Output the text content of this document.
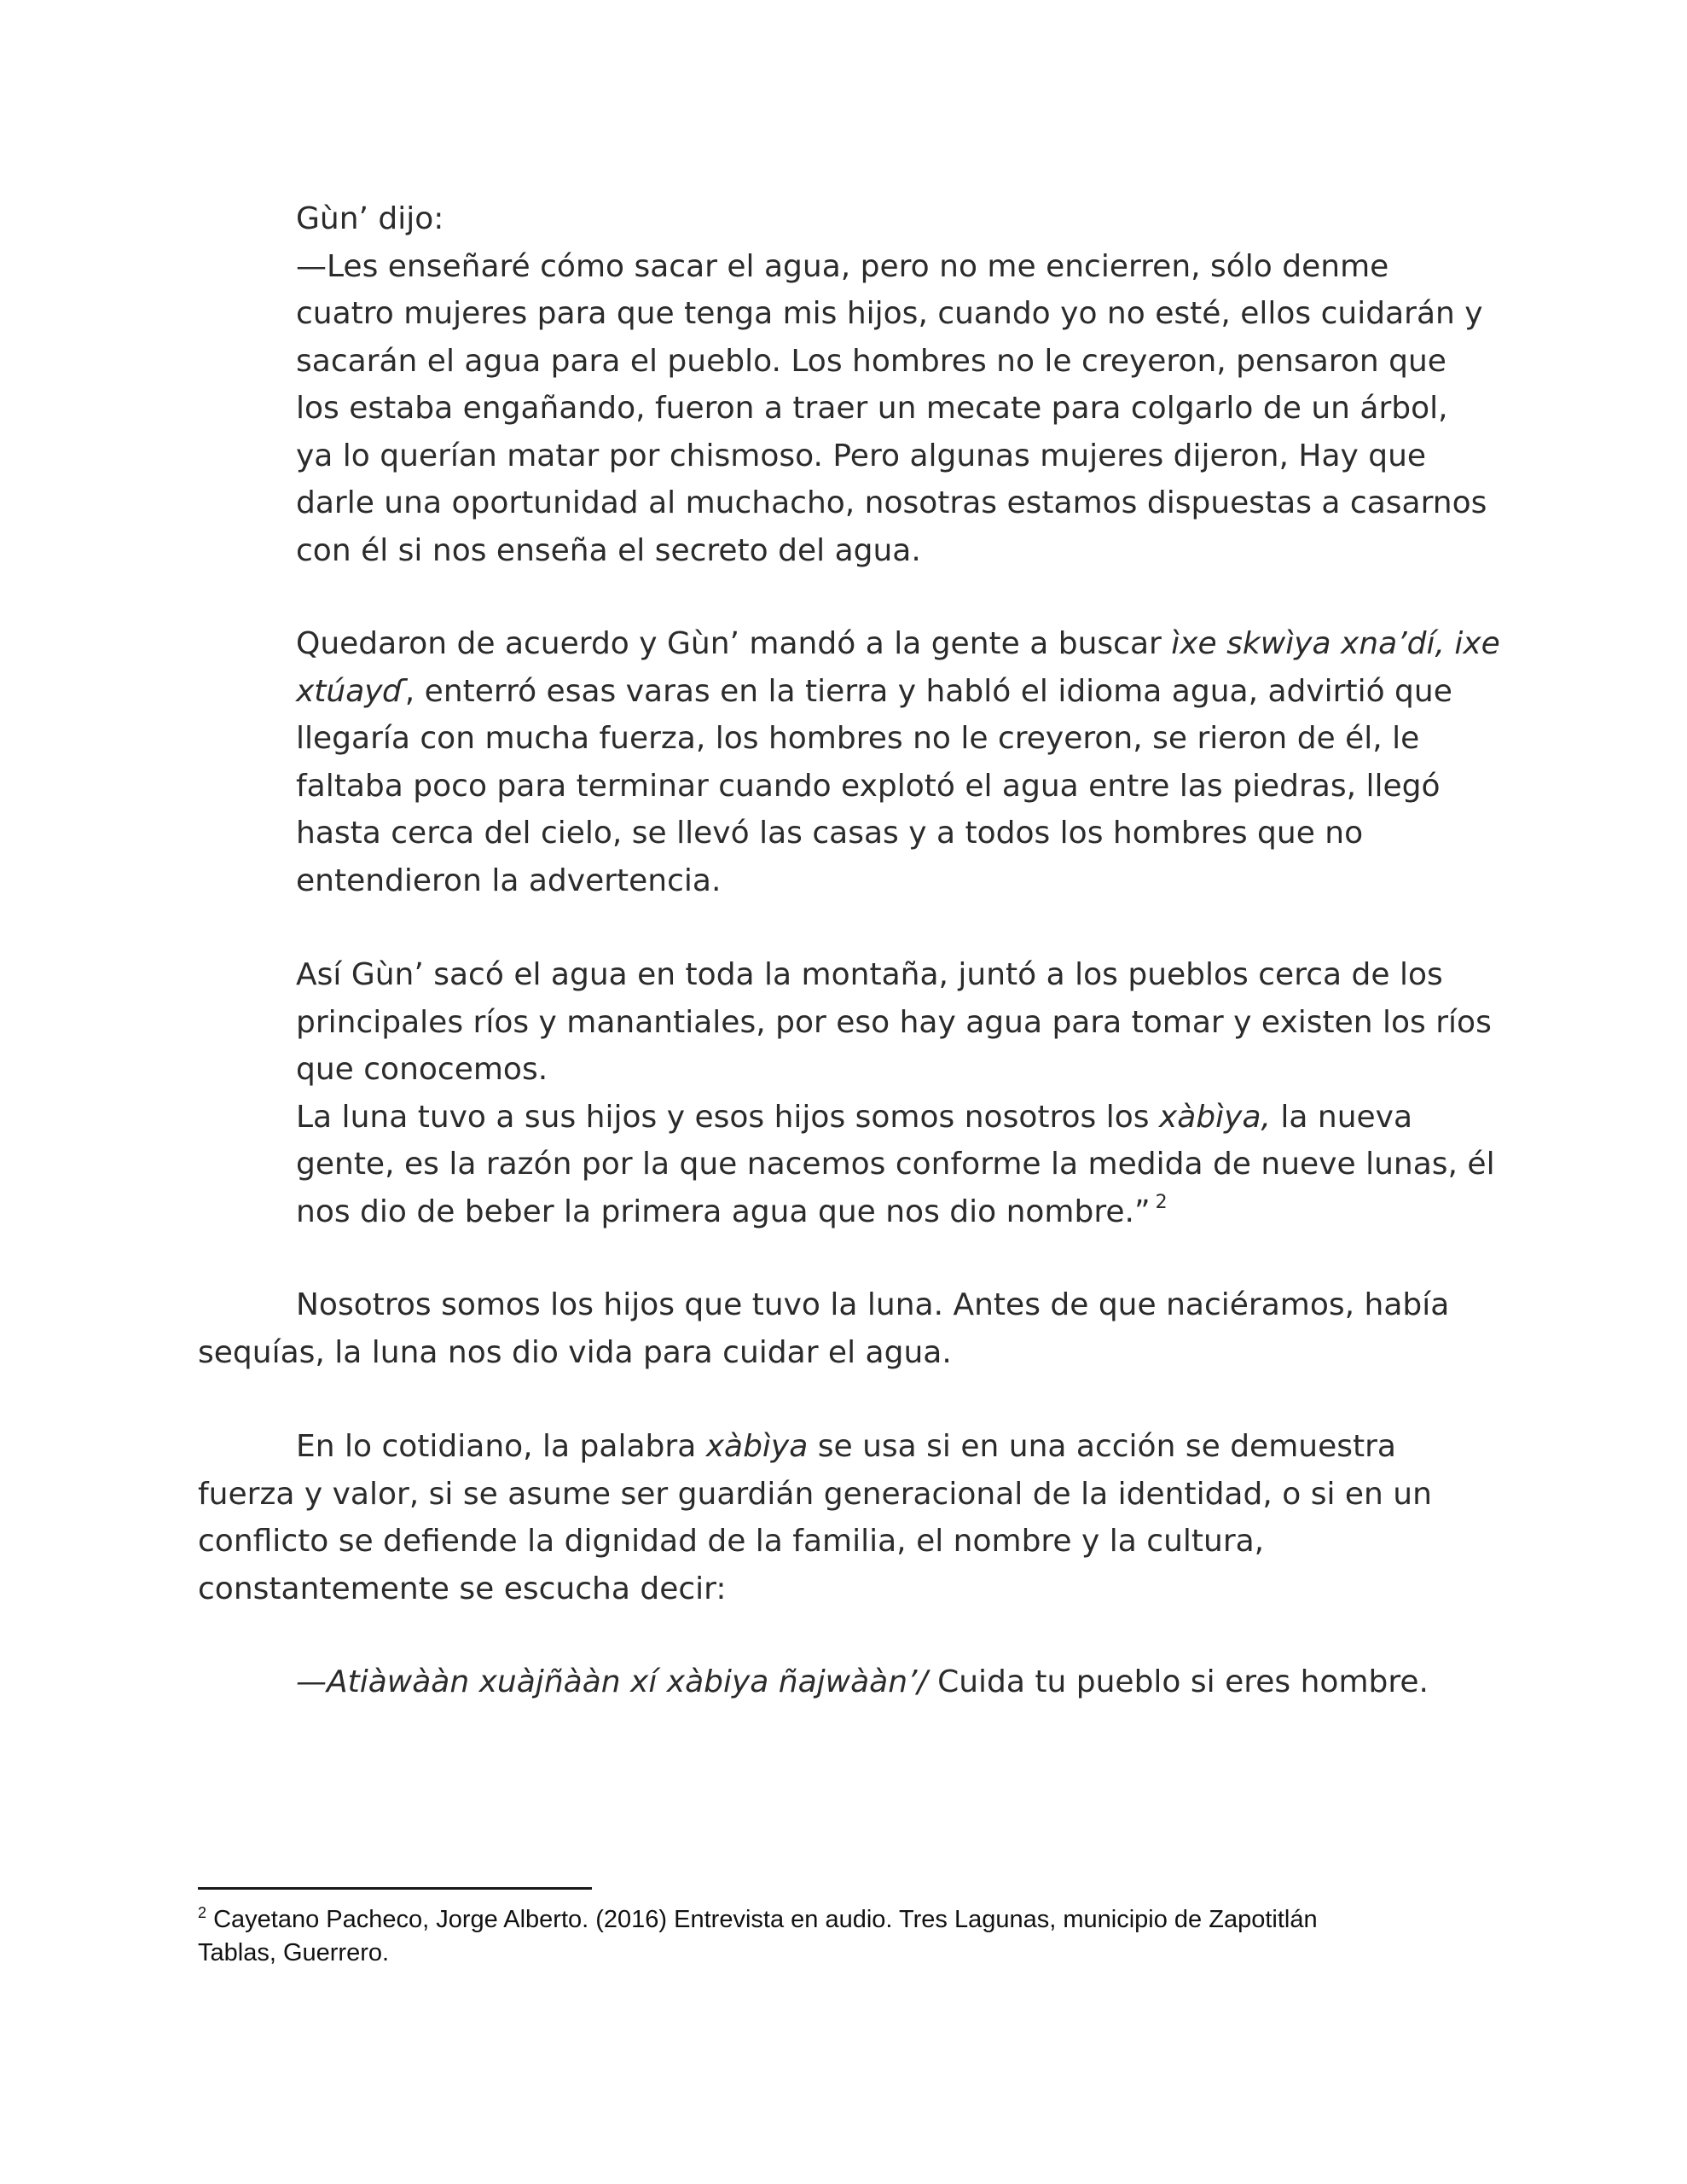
Gùn’ dijo:
—Les enseñaré cómo sacar el agua, pero no me encierren, sólo denme
cuatro mujeres para que tenga mis hijos, cuando yo no esté, ellos cuidarán y
sacarán el agua para el pueblo. Los hombres no le creyeron, pensaron que
los estaba engañando, fueron a traer un mecate para colgarlo de un árbol,
ya lo querían matar por chismoso. Pero algunas mujeres dijeron, Hay que
darle una oportunidad al muchacho, nosotras estamos dispuestas a casarnos
con él si nos enseña el secreto del agua.
Quedaron de acuerdo y Gùn’ mandó a la gente a buscar ìxe skwìya xna’dí, ixe
xtúayɗ, enterró esas varas en la tierra y habló el idioma agua, advirtió que
llegaría con mucha fuerza, los hombres no le creyeron, se rieron de él, le
faltaba poco para terminar cuando explotó el agua entre las piedras, llegó
hasta cerca del cielo, se llevó las casas y a todos los hombres que no
entendieron la advertencia.
Así Gùn’ sacó el agua en toda la montaña, juntó a los pueblos cerca de los
principales ríos y manantiales, por eso hay agua para tomar y existen los ríos
que conocemos.
La luna tuvo a sus hijos y esos hijos somos nosotros los xàbìya, la nueva
gente, es la razón por la que nacemos conforme la medida de nueve lunas, él
nos dio de beber la primera agua que nos dio nombre.” $^2$
Nosotros somos los hijos que tuvo la luna. Antes de que naciéramos, había
sequías, la luna nos dio vida para cuidar el agua.
En lo cotidiano, la palabra xàbìya se usa si en una acción se demuestra
fuerza y valor, si se asume ser guardián generacional de la identidad, o si en un
conflicto se defiende la dignidad de la familia, el nombre y la cultura,
constantemente se escucha decir:
—Atiàwààn xuàjñààn xí xàbiya ñajwààn’/ Cuida tu pueblo si eres hombre.
$^2$ Cayetano Pacheco, Jorge Alberto. (2016) Entrevista en audio. Tres Lagunas, municipio de Zapotitlán
Tablas, Guerrero.
